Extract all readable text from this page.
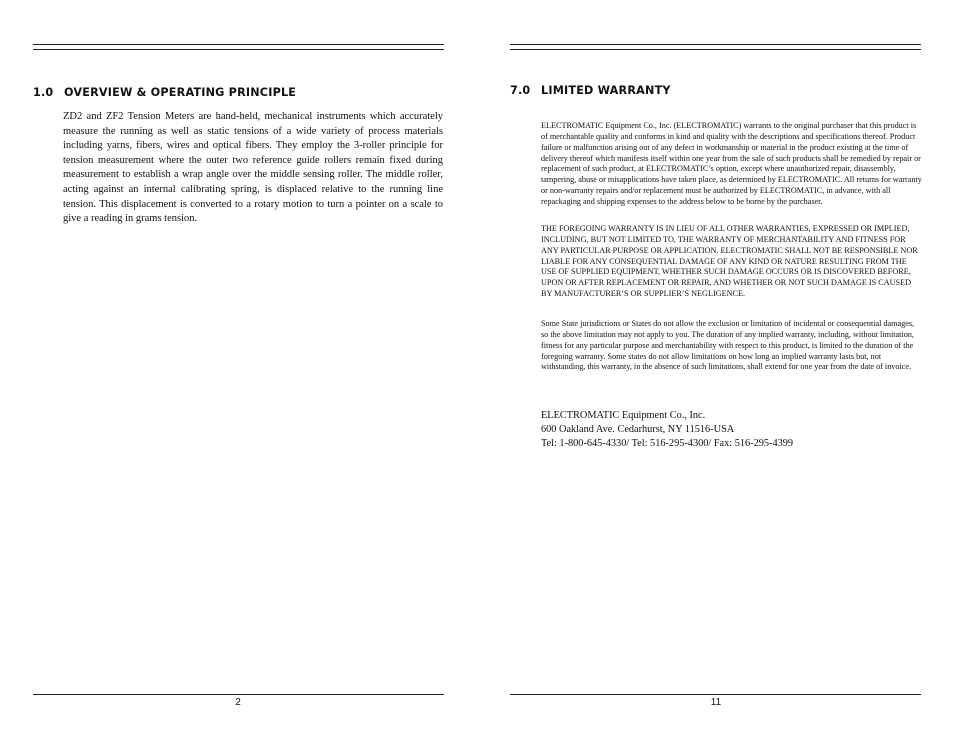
1.0 OVERVIEW & OPERATING PRINCIPLE

ZD2 and ZF2 Tension Meters are hand-held, mechanical instruments which accurately measure the running as well as static tensions of a wide variety of process materials including yarns, fibers, wires and optical fibers. They employ the 3-roller principle for tension measurement where the outer two reference guide rollers remain fixed during measurement to establish a wrap angle over the middle sensing roller. The middle roller, acting against an internal calibrating spring, is displaced relative to the running line tension. This displacement is converted to a rotary motion to turn a pointer on a scale to give a reading in grams tension.

2
7.0 LIMITED WARRANTY

ELECTROMATIC Equipment Co., Inc. (ELECTROMATIC) warrants to the original purchaser that this product is of merchantable quality and conforms in kind and quality with the descriptions and specifications thereof. Product failure or malfunction arising out of any defect in workmanship or material in the product existing at the time of delivery thereof which manifests itself within one year from the sale of such products shall be remedied by repair or replacement of such product, at ELECTROMATIC’s option, except where unauthorized repair, disassembly, tampering, abuse or misapplications have taken place, as determined by ELECTROMATIC. All returns for warranty or non-warranty repairs and/or replacement must be authorized by ELECTROMATIC, in advance, with all repackaging and shipping expenses to the address below to be borne by the purchaser.

THE FOREGOING WARRANTY IS IN LIEU OF ALL OTHER WARRANTIES, EXPRESSED OR IMPLIED, INCLUDING, BUT NOT LIMITED TO, THE WARRANTY OF MERCHANTABILITY AND FITNESS FOR ANY PARTICULAR PURPOSE OR APPLICATION. ELECTROMATIC SHALL NOT BE RESPONSIBLE NOR LIABLE FOR ANY CONSEQUENTIAL DAMAGE OF ANY KIND OR NATURE RESULTING FROM THE USE OF SUPPLIED EQUIPMENT, WHETHER SUCH DAMAGE OCCURS OR IS DISCOVERED BEFORE, UPON OR AFTER REPLACEMENT OR REPAIR, AND WHETHER OR NOT SUCH DAMAGE IS CAUSED BY MANUFACTURER’S OR SUPPLIER’S NEGLIGENCE.

Some State jurisdictions or States do not allow the exclusion or limitation of incidental or consequential damages, so the above limitation may not apply to you. The duration of any implied warranty, including, without limitation, fitness for any particular purpose and merchantability with respect to this product, is limited to the duration of the foregoing warranty. Some states do not allow limitations on how long an implied warranty lasts but, not withstanding, this warranty, in the absence of such limitations, shall extend for one year from the date of invoice.

ELECTROMATIC Equipment Co., Inc.
600 Oakland Ave. Cedarhurst, NY 11516-USA
Tel: 1-800-645-4330/ Tel: 516-295-4300/ Fax: 516-295-4399
11
